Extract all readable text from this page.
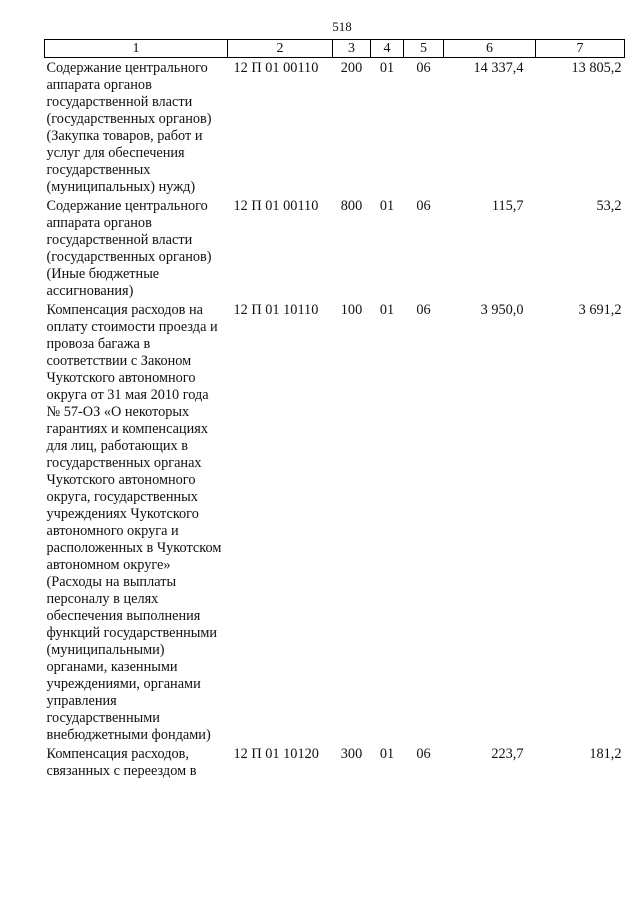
518
1	2	3	4	5	6	7
Содержание центрального аппарата органов государственной власти (государственных органов) (Закупка товаров, работ и услуг для обеспечения государственных (муниципальных) нужд)	12 П 01 00110	200	01	06	14 337,4	13 805,2
Содержание центрального аппарата органов государственной власти (государственных органов) (Иные бюджетные ассигнования)	12 П 01 00110	800	01	06	115,7	53,2
Компенсация расходов на оплату стоимости проезда и провоза багажа в соответствии с Законом Чукотского автономного округа от 31 мая 2010 года № 57-ОЗ «О некоторых гарантиях и компенсациях для лиц, работающих в государственных органах Чукотского автономного округа, государственных учреждениях Чукотского автономного округа и расположенных в Чукотском автономном округе» (Расходы на выплаты персоналу в целях обеспечения выполнения функций государственными (муниципальными) органами, казенными учреждениями, органами управления государственными внебюджетными фондами)	12 П 01 10110	100	01	06	3 950,0	3 691,2
Компенсация расходов, связанных с переездом в	12 П 01 10120	300	01	06	223,7	181,2
